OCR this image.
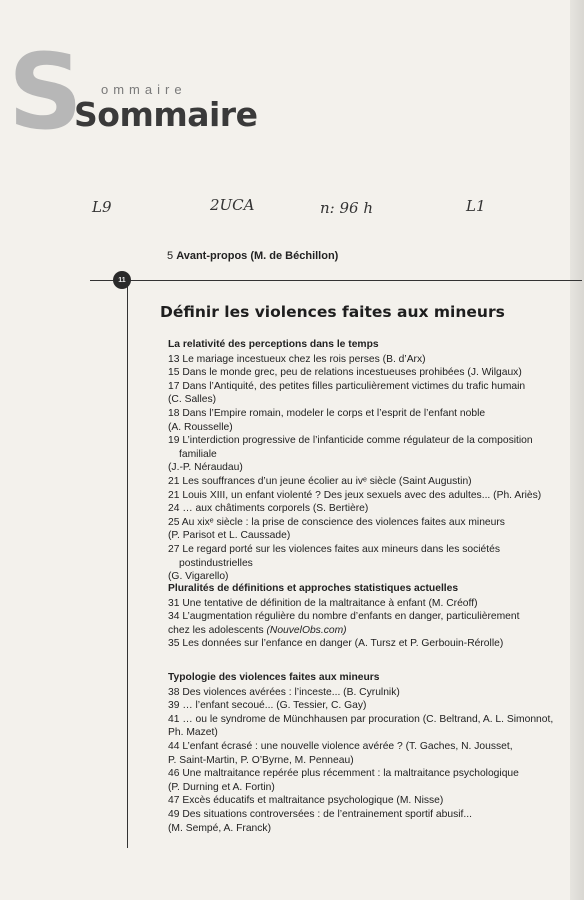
S ommaire
Sommaire
L9	2UCA	n: 96 h	L1
5 Avant-propos (M. de Béchillon)
11
Définir les violences faites aux mineurs
La relativité des perceptions dans le temps
13 Le mariage incestueux chez les rois perses (B. d’Arx)
15 Dans le monde grec, peu de relations incestueuses prohibées (J. Wilgaux)
17 Dans l’Antiquité, des petites filles particulièrement victimes du trafic humain
(C. Salles)
18 Dans l’Empire romain, modeler le corps et l’esprit de l’enfant noble
(A. Rousselle)
19 L’interdiction progressive de l’infanticide comme régulateur de la composition familiale
(J.-P. Néraudau)
21 Les souffrances d’un jeune écolier au ivᵉ siècle (Saint Augustin)
21 Louis XIII, un enfant violenté ? Des jeux sexuels avec des adultes... (Ph. Ariès)
24 … aux châtiments corporels (S. Bertière)
25 Au xixᵉ siècle : la prise de conscience des violences faites aux mineurs
(P. Parisot et L. Caussade)
27 Le regard porté sur les violences faites aux mineurs dans les sociétés postindustrielles
(G. Vigarello)
Pluralités de définitions et approches statistiques actuelles
31 Une tentative de définition de la maltraitance à enfant (M. Créoff)
34 L’augmentation régulière du nombre d’enfants en danger, particulièrement
chez les adolescents (NouvelObs.com)
35 Les données sur l’enfance en danger (A. Tursz et P. Gerbouin-Rérolle)
Typologie des violences faites aux mineurs
38 Des violences avérées : l’inceste... (B. Cyrulnik)
39 … l’enfant secoué... (G. Tessier, C. Gay)
41 … ou le syndrome de Münchhausen par procuration (C. Beltrand, A. L. Simonnot,
Ph. Mazet)
44 L’enfant écrasé : une nouvelle violence avérée ? (T. Gaches, N. Jousset,
P. Saint-Martin, P. O’Byrne, M. Penneau)
46 Une maltraitance repérée plus récemment : la maltraitance psychologique
(P. Durning et A. Fortin)
47 Excès éducatifs et maltraitance psychologique (M. Nisse)
49 Des situations controversées : de l’entrainement sportif abusif...
(M. Sempé, A. Franck)
